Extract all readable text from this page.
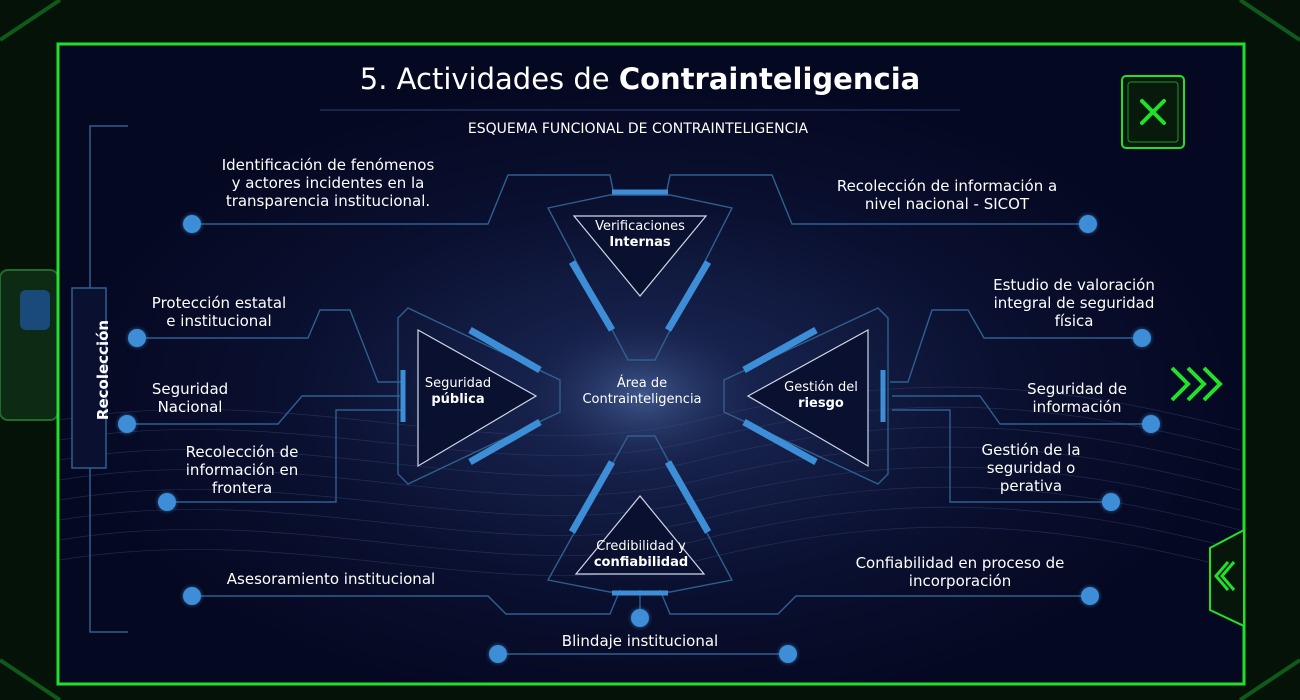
5. Actividades de Contrainteligencia
ESQUEMA FUNCIONAL DE CONTRAINTELIGENCIA
Recolección	Área de
Contrainteligencia
Verificaciones
Internas
Seguridad
pública
Gestión del
riesgo
Credibilidad y
confiabilidad
Identificación de fenómenos
y actores incidentes en la
transparencia institucional.
Recolección de información a
nivel nacional - SICOT
Protección estatal
e institucional
Seguridad
Nacional
Recolección de
información en
frontera
Estudio de valoración
integral de seguridad
física
Seguridad de
información
Gestión de la
seguridad o
perativa
Asesoramiento institucional
Confiabilidad en proceso de
incorporación
Blindaje institucional
